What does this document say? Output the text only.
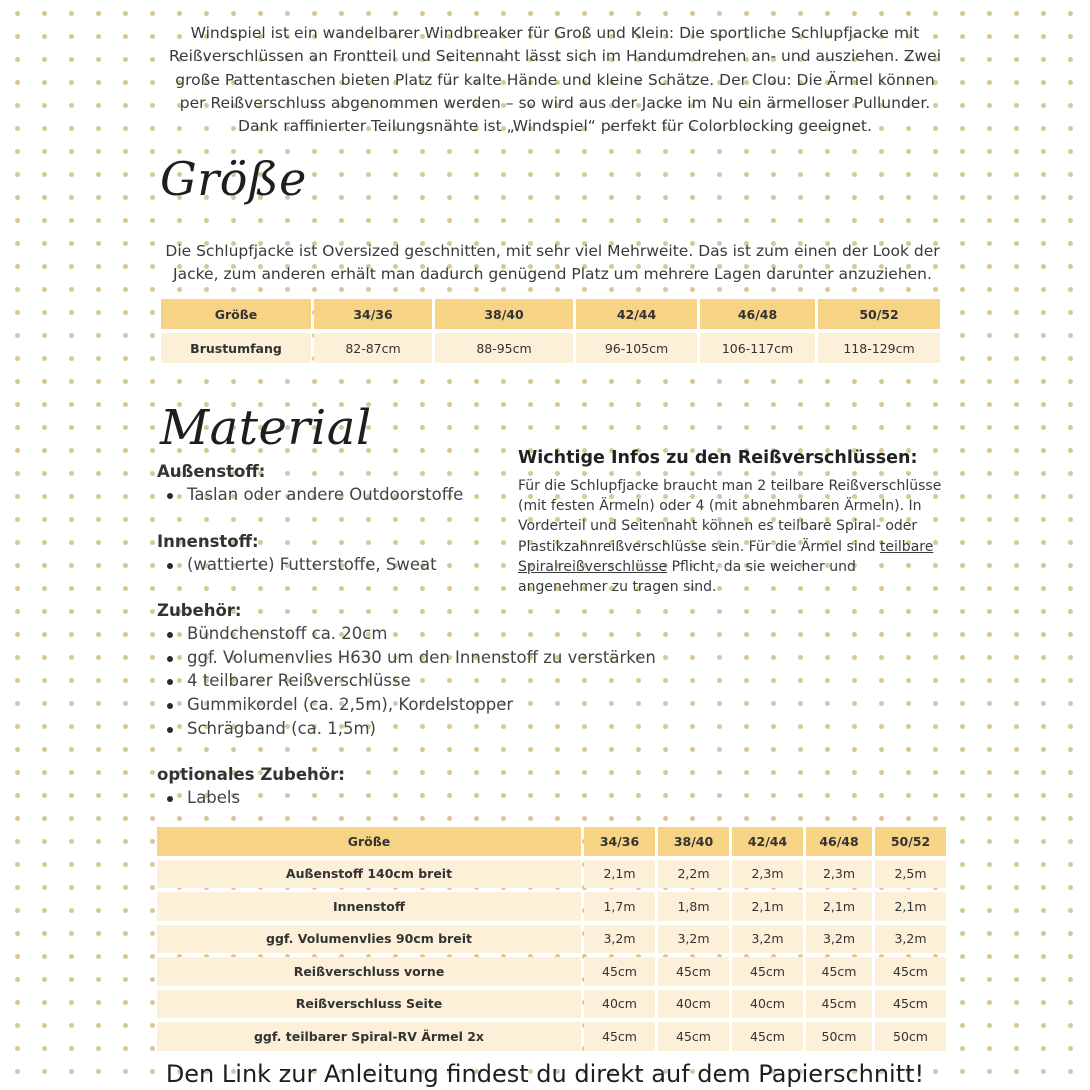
Windspiel ist ein wandelbarer Windbreaker für Groß und Klein: Die sportliche Schlupfjacke mit Reißverschlüssen an Frontteil und Seitennaht lässt sich im Handumdrehen an- und ausziehen. Zwei große Pattentaschen bieten Platz für kalte Hände und kleine Schätze. Der Clou: Die Ärmel können per Reißverschluss abgenommen werden – so wird aus der Jacke im Nu ein ärmelloser Pullunder. Dank raffinierter Teilungsnähte ist „Windspiel“ perfekt für Colorblocking geeignet.
Größe
Die Schlupfjacke ist Oversized geschnitten, mit sehr viel Mehrweite. Das ist zum einen der Look der Jacke, zum anderen erhält man dadurch genügend Platz um mehrere Lagen darunter anzuziehen.
Größe	34/36	38/40	42/44	46/48	50/52
Brustumfang	82-87cm	88-95cm	96-105cm	106-117cm	118-129cm
Material

Außenstoff:

Taslan oder andere Outdoorstoffe

Innenstoff:

(wattierte) Futterstoffe, Sweat

Zubehör:

Bündchenstoff ca. 20cm
ggf. Volumenvlies H630 um den Innenstoff zu verstärken
4 teilbarer Reißverschlüsse
Gummikordel (ca. 2,5m), Kordelstopper
Schrägband (ca. 1,5m)

optionales Zubehör:

Labels

Wichtige Infos zu den Reißverschlüssen:

Für die Schlupfjacke braucht man 2 teilbare Reißverschlüsse (mit festen Ärmeln) oder 4 (mit abnehmbaren Ärmeln). In Vorderteil und Seitennaht können es teilbare Spiral- oder Plastikzahnreißverschlüsse sein. Für die Ärmel sind teilbare Spiralreißverschlüsse Pflicht, da sie weicher und angenehmer zu tragen sind.

Größe	34/36	38/40	42/44	46/48	50/52
Außenstoff 140cm breit	2,1m	2,2m	2,3m	2,3m	2,5m
Innenstoff	1,7m	1,8m	2,1m	2,1m	2,1m
ggf. Volumenvlies 90cm breit	3,2m	3,2m	3,2m	3,2m	3,2m
Reißverschluss vorne	45cm	45cm	45cm	45cm	45cm
Reißverschluss Seite	40cm	40cm	40cm	45cm	45cm
ggf. teilbarer Spiral-RV Ärmel 2x	45cm	45cm	45cm	50cm	50cm
Den Link zur Anleitung findest du direkt auf dem Papierschnitt!
